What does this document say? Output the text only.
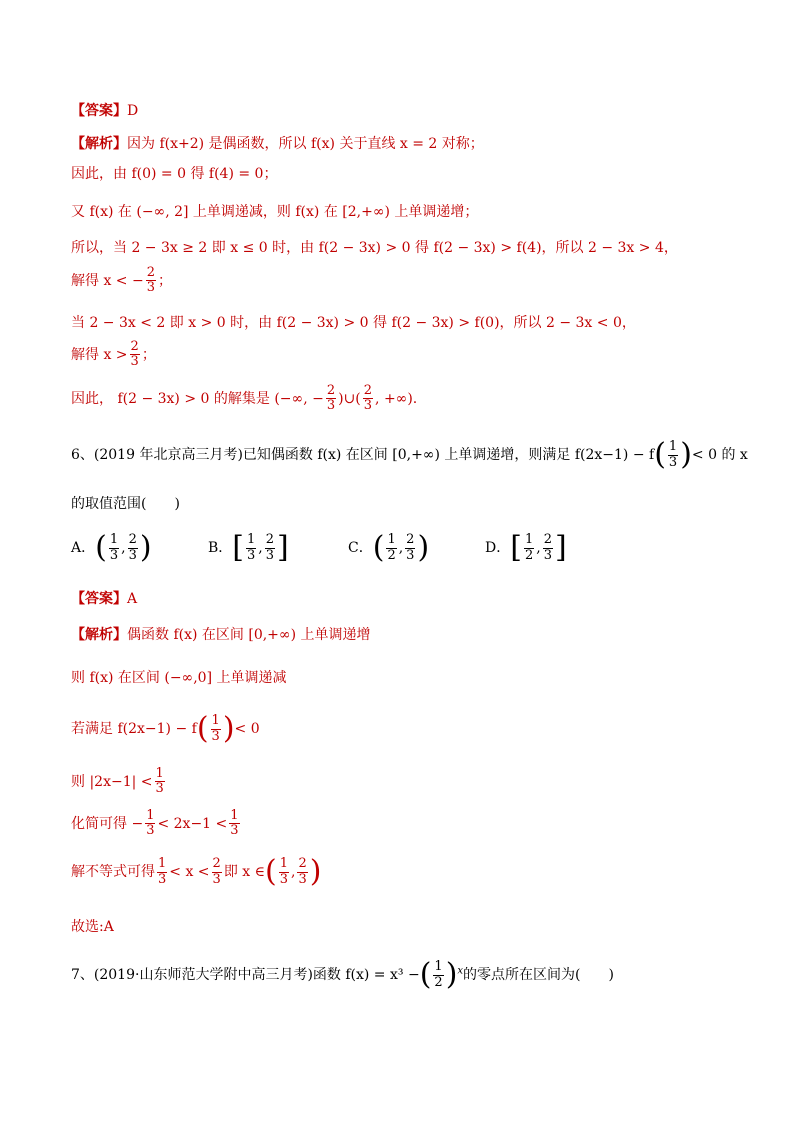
【答案】D
【解析】因为 f(x+2) 是偶函数，所以 f(x) 关于直线 x = 2 对称；
因此，由 f(0) = 0 得 f(4) = 0；
又 f(x) 在 (−∞, 2] 上单调递减，则 f(x) 在 [2,+∞) 上单调递增；
所以，当 2 − 3x ≥ 2 即 x ≤ 0 时，由 f(2 − 3x) > 0 得 f(2 − 3x) > f(4)，所以 2 − 3x > 4，
解得 x < − $\frac{2}{3}$ ；
当 2 − 3x < 2 即 x > 0 时，由 f(2 − 3x) > 0 得 f(2 − 3x) > f(0)，所以 2 − 3x < 0，
解得 $x > \frac{2}{3}$ ；
因此， f(2 − 3x) > 0 的解集是 (−∞, − $\frac{2}{3}$ )∪( $\frac{2}{3}$ , +∞).
6、(2019 年北京高三月考)已知偶函数 f(x) 在区间 [0,+∞) 上单调递增，则满足 $f(2x-1) - f( \frac{1}{3}$ )< 0 的 x
的取值范围(　　)
A．( $\frac{1}{3}$ , $\frac{2}{3}$ )	B．[ $\frac{1}{3}$ , $\frac{2}{3}$ ]	C．( $\frac{1}{2}$ , $\frac{2}{3}$ )	D．[ $\frac{1}{2}$ , $\frac{2}{3}$ ]
【答案】A
【解析】偶函数 f(x) 在区间 [0,+∞) 上单调递增
则 f(x) 在区间 (−∞,0] 上单调递减
若满足 $f(2x-1) - f( \frac{1}{3}$ )< 0
则 $|2x-1| < \frac{1}{3}$
化简可得 − $\frac{1}{3} < 2x-1 < \frac{1}{3}$
解不等式可得 $\frac{1}{3} < x < \frac{2}{3}$ 即 x ∈( $\frac{1}{3}$ , $\frac{2}{3}$ )
故选:A
7、(2019·山东师范大学附中高三月考)函数 f(x) = x³ −( $\frac{1}{2} )^x$的零点所在区间为(　　)
